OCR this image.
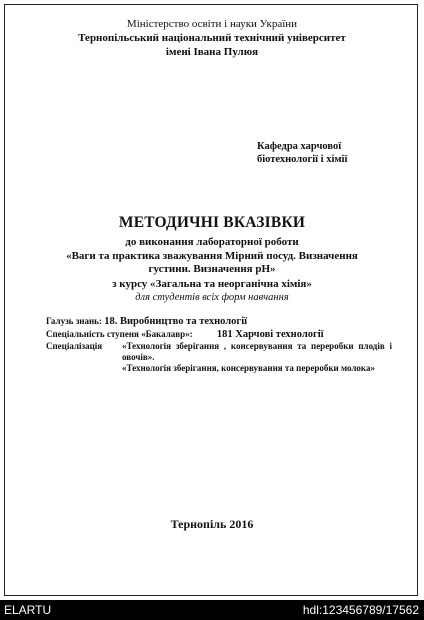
Міністерство освіти і науки України
Тернопільський національний технічний університет
імені Івана Пулюя
Кафедра харчової
біотехнології і хімії
МЕТОДИЧНІ ВКАЗІВКИ
до виконання лабораторної роботи
«Ваги та практика зважування Мірний посуд. Визначення густини. Визначення pH»
з курсу «Загальна та неорганічна хімія»
для студентів всіх форм навчання
Галузь знань: 18. Виробництво та технології
Спеціальність ступеня «Бакалавр»: 181 Харчові технології
Спеціалізація «Технологія зберігання , консервування та переробки плодів і овочів».
«Технологія зберігання, консервування та переробки молока»
Тернопіль 2016
ELARTU	hdl:123456789/17562
